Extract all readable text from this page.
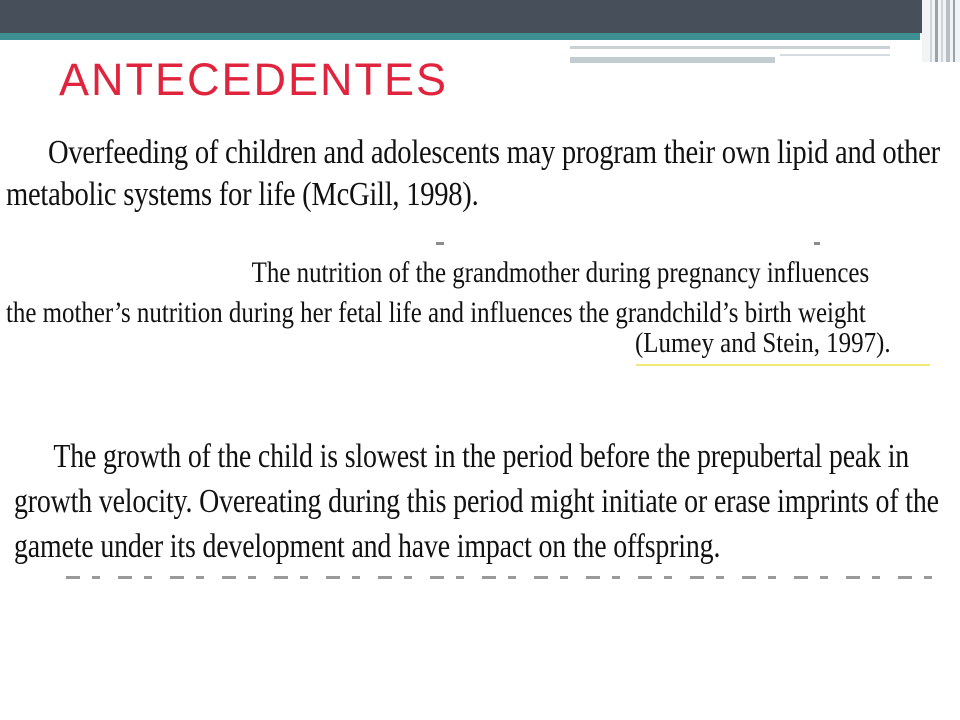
ANTECEDENTES

Overfeeding of children and adolescents may program their own lipid and other
metabolic systems for life (McGill, 1998).

The nutrition of the grandmother during pregnancy influences
the mother’s nutrition during her fetal life and influences the grandchild’s birth weight

(Lumey and Stein, 1997).

The growth of the child is slowest in the period before the prepubertal peak in
growth velocity. Overeating during this period might initiate or erase imprints of the
gamete under its development and have impact on the offspring.
